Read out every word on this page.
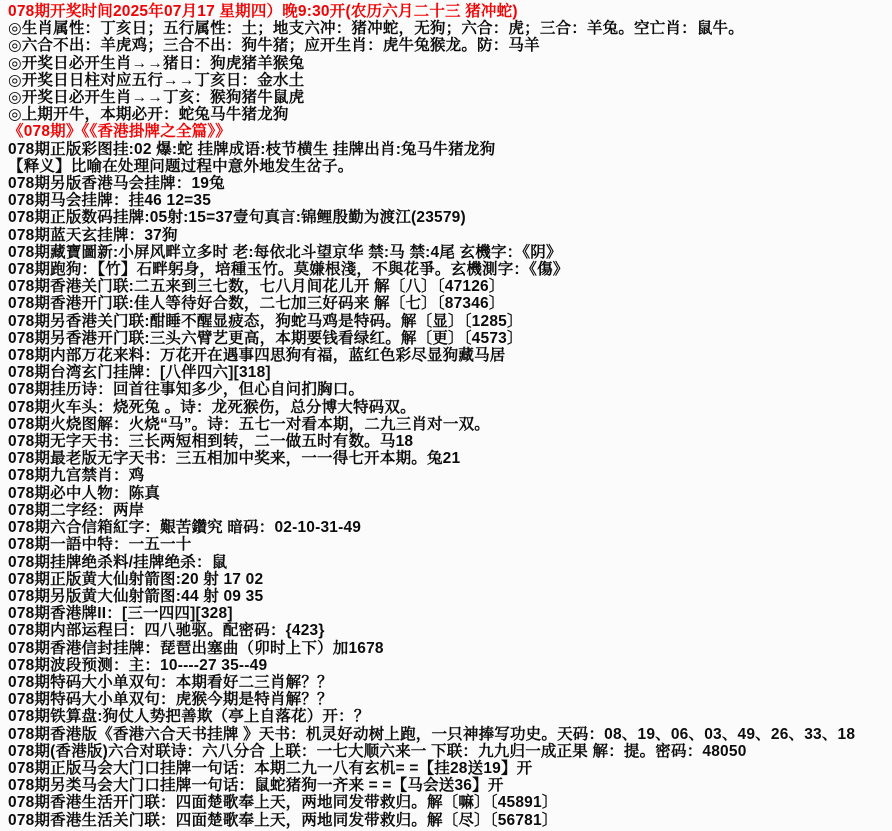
078期开奖时间2025年07月17 星期四）晚9:30开(农历六月二十三 猪冲蛇)
◎生肖属性：丁亥日；五行属性：土；地支六冲：猪冲蛇，无狗；六合：虎；三合：羊兔。空亡肖：鼠牛。
◎六合不出：羊虎鸡；三合不出：狗牛猪；应开生肖：虎牛兔猴龙。防：马羊
◎开奖日必开生肖→→猪日：狗虎猪羊猴兔
◎开奖日日柱对应五行→→丁亥日：金水土
◎开奖日必开生肖→→丁亥：猴狗猪牛鼠虎
◎上期开牛，本期必开：蛇兔马牛猪龙狗
《078期》《《香港掛牌之全篇》》
078期正版彩图挂:02 爆:蛇 挂牌成语:枝节横生 挂牌出肖:兔马牛猪龙狗
【释义】比喻在处理问题过程中意外地发生岔子。
078期另版香港马会挂牌：19兔
078期马会挂牌：挂46 12=35
078期正版数码挂牌:05射:15=37壹句真言:锦鲤殷勤为渡江(23579)
078期蓝天玄挂牌：37狗
078期藏寶圖新:小屏风畔立多时 老:每依北斗望京华 禁:马 禁:4尾 玄機字：《阴》
078期跑狗：【竹】石畔躬身，培種玉竹。莫嫌根淺，不與花爭。玄機測字：《傷》
078期香港关门联:二五来到三七数，七八月间花儿开 解〔八〕〔47126〕
078期香港开门联:佳人等待好合数，二七加三好码来 解〔七〕〔87346〕
078期另香港关门联:酣睡不醒显疲态，狗蛇马鸡是特码。解〔显〕〔1285〕
078期另香港开门联:三头六臂艺更高，本期要钱看绿红。解〔更〕〔4573〕
078期内部万花来料：万花开在遇事四思狗有福，蓝红色彩尽显狗藏马居
078期台湾玄门挂牌：[八伴四六][318]
078期挂历诗：回首往事知多少，但心自问扪胸口。
078期火车头：烧死兔 。诗：龙死猴伤，总分博大特码双。
078期火烧图解：火烧“马”。诗：五七一对看本期，二九三肖对一双。
078期无字天书：三长两短相到转，二一做五时有数。马18
078期最老版无字天书：三五相加中奖来，一一得七开本期。兔21
078期九宫禁肖：鸡
078期必中人物：陈真
078期二字经：两岸
078期六合信箱紅字：艱苦鑽究 暗码：02-10-31-49
078期一語中特：一五一十
078期挂牌绝杀料/挂牌绝杀：鼠
078期正版黄大仙射箭图:20 射 17 02
078期另版黄大仙射箭图:44 射 09 35
078期香港牌II：[三一四四][328]
078期内部运程曰：四八驰驱。配密码：{423}
078期香港信封挂牌：琵琶出塞曲（卯时上下）加1678
078期波段预测：主：10----27 35--49
078期特码大小单双句：本期看好二三肖解？？
078期特码大小单双句：虎猴今期是特肖解？？
078期铁算盘:狗仗人势把善欺（亭上自落花）开：？
078期香港版《香港六合天书挂牌 》天书：机灵好动树上跑，一只神捧写功史。天码：08、19、06、03、49、26、33、18
078期(香港版)六合对联诗：六八分合 上联：一七大顺六来一 下联：九九归一成正果 解：提。密码：48050
078期正版马会大门口挂牌一句话：本期二九一八有玄机= =【挂28送19】开
078期另类马会大门口挂牌一句话：鼠蛇猪狗一齐来 = =【马会送36】开
078期香港生活开门联：四面楚歌奉上天，两地同发带救归。解〔嘛〕〔45891〕
078期香港生活关门联：四面楚歌奉上天，两地同发带救归。解〔尽〕〔56781〕
